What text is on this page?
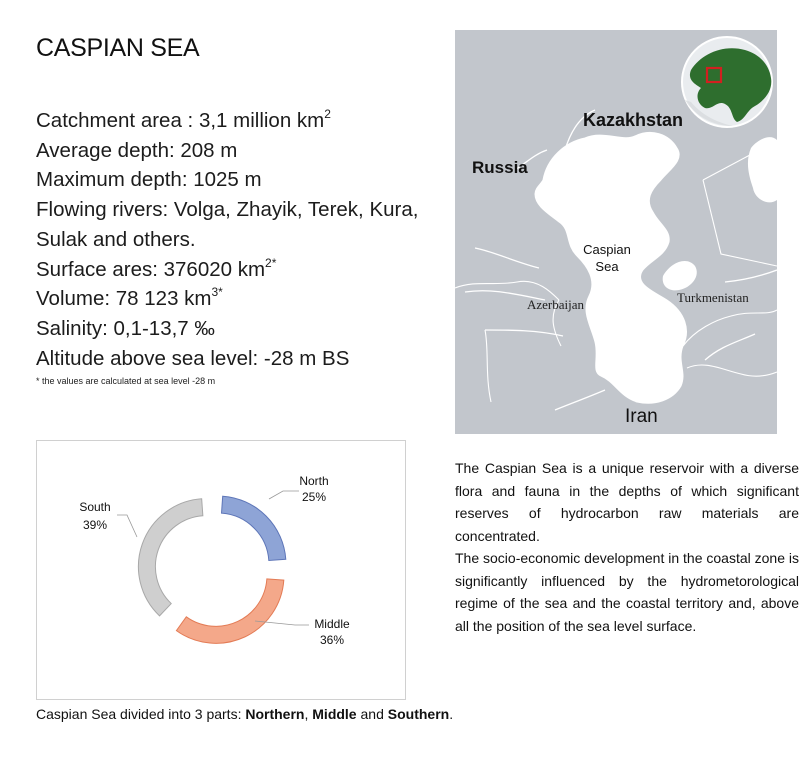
CASPIAN SEA
Catchment area : 3,1 million $km^2$
Average depth: 208 m
Maximum depth: 1025 m
Flowing rivers: Volga, Zhayik, Terek, Kura, Sulak and others.
Surface ares: 376020 $km^{2*}$
Volume: 78 123 $km^{3*}$
Salinity: 0,1-13,7 ‰
Altitude above sea level: -28 m BS
* the values are calculated at sea level -28 m
Kazakhstan
Russia
Caspian
Sea
Azerbaijan	Turkmenistan
Iran
North
25%
Middle
36%
South
39%
Caspian Sea divided into 3 parts: Northern, Middle and Southern.

The Caspian Sea is a unique reservoir with a diverse flora and fauna in the depths of which significant reserves of hydrocarbon raw materials are concentrated.

The socio-economic development in the coastal zone is significantly influenced by the hydrometorological regime of the sea and the coastal territory and, above all the position of the sea level surface.
